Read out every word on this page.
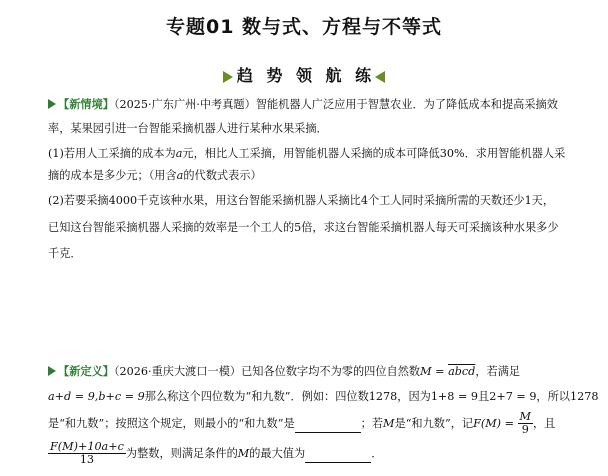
专题01 数与式、方程与不等式
趋 势 领 航 练
【新情境】（2025·广东广州·中考真题）智能机器人广泛应用于智慧农业．为了降低成本和提高采摘效
率，某果园引进一台智能采摘机器人进行某种水果采摘．
(1)若用人工采摘的成本为a元，相比人工采摘，用智能机器人采摘的成本可降低30%．求用智能机器人采
摘的成本是多少元；（用含a的代数式表示）
(2)若要采摘4000千克该种水果，用这台智能采摘机器人采摘比4个工人同时采摘所需的天数还少1天，
已知这台智能采摘机器人采摘的效率是一个工人的5倍，求这台智能采摘机器人每天可采摘该种水果多少
千克．
【新定义】（2026·重庆大渡口一模）已知各位数字均不为零的四位自然数M = abcd，若满足
a+d = 9,b+c = 9那么称这个四位数为“和九数”．例如：四位数1278，因为1+8 = 9且2+7 = 9，所以1278
是“和九数”；按照这个规定，则最小的“和九数”是	；若M是“和九数”，记$F(M) = \frac{M}{9}$ ，且
$\frac{F(M)+10a+c}{13}$ 为整数，则满足条件的M的最大值为	．
